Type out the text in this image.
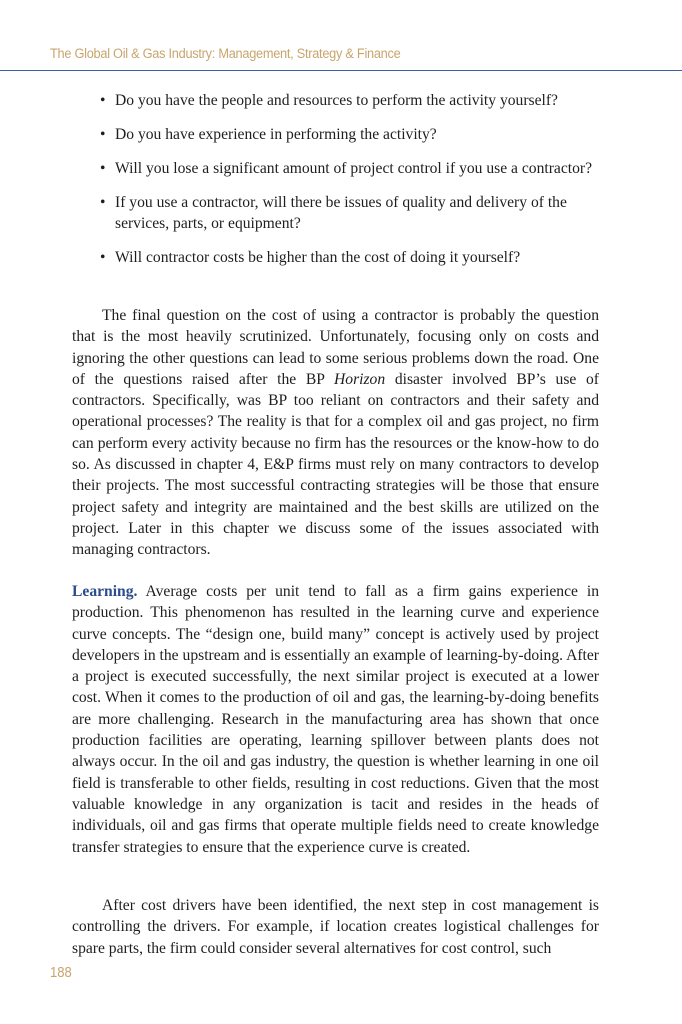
The Global Oil & Gas Industry: Management, Strategy & Finance
• Do you have the people and resources to perform the activity yourself?
• Do you have experience in performing the activity?
• Will you lose a significant amount of project control if you use a contractor?
• If you use a contractor, will there be issues of quality and delivery of the services, parts, or equipment?
• Will contractor costs be higher than the cost of doing it yourself?

The final question on the cost of using a contractor is probably the question that is the most heavily scrutinized. Unfortunately, focusing only on costs and ignoring the other questions can lead to some serious problems down the road. One of the questions raised after the BP Horizon disaster involved BP’s use of contractors. Specifically, was BP too reliant on contractors and their safety and operational processes? The reality is that for a complex oil and gas project, no firm can perform every activity because no firm has the resources or the know-how to do so. As discussed in chapter 4, E&P firms must rely on many contractors to develop their projects. The most successful contracting strategies will be those that ensure project safety and integrity are maintained and the best skills are utilized on the project. Later in this chapter we discuss some of the issues associated with managing contractors.

Learning. Average costs per unit tend to fall as a firm gains experience in production. This phenomenon has resulted in the learning curve and experience curve concepts. The “design one, build many” concept is actively used by project developers in the upstream and is essentially an example of learning-by-doing. After a project is executed successfully, the next similar project is executed at a lower cost. When it comes to the production of oil and gas, the learning-by-doing benefits are more challenging. Research in the manufacturing area has shown that once production facilities are operating, learning spillover between plants does not always occur. In the oil and gas industry, the question is whether learning in one oil field is transferable to other fields, resulting in cost reductions. Given that the most valuable knowledge in any organization is tacit and resides in the heads of individuals, oil and gas firms that operate multiple fields need to create knowledge transfer strategies to ensure that the experience curve is created.

After cost drivers have been identified, the next step in cost management is controlling the drivers. For example, if location creates logistical challenges for spare parts, the firm could consider several alternatives for cost control, such

188
